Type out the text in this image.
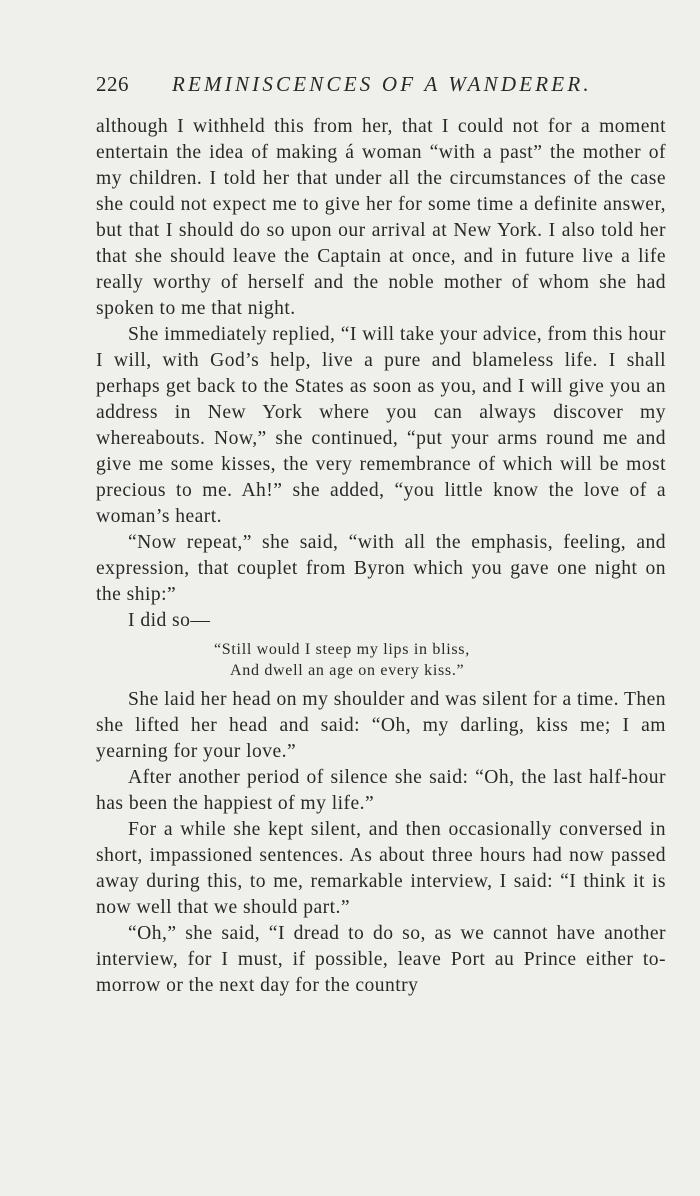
226 REMINISCENCES OF A WANDERER.

although I withheld this from her, that I could not for a moment entertain the idea of making á woman “with a past” the mother of my children. I told her that under all the circumstances of the case she could not expect me to give her for some time a definite answer, but that I should do so upon our arrival at New York. I also told her that she should leave the Captain at once, and in future live a life really worthy of herself and the noble mother of whom she had spoken to me that night.

She immediately replied, “I will take your advice, from this hour I will, with God’s help, live a pure and blameless life. I shall perhaps get back to the States as soon as you, and I will give you an address in New York where you can always discover my whereabouts. Now,” she continued, “put your arms round me and give me some kisses, the very remembrance of which will be most precious to me. Ah!” she added, “you little know the love of a woman’s heart.

“Now repeat,” she said, “with all the emphasis, feeling, and expression, that couplet from Byron which you gave one night on the ship:”

I did so—

“Still would I steep my lips in bliss,
And dwell an age on every kiss.”

She laid her head on my shoulder and was silent for a time. Then she lifted her head and said: “Oh, my darling, kiss me; I am yearning for your love.”

After another period of silence she said: “Oh, the last half-hour has been the happiest of my life.”

For a while she kept silent, and then occasionally conversed in short, impassioned sentences. As about three hours had now passed away during this, to me, remarkable interview, I said: “I think it is now well that we should part.”

“Oh,” she said, “I dread to do so, as we cannot have another interview, for I must, if possible, leave Port au Prince either to-morrow or the next day for the country
